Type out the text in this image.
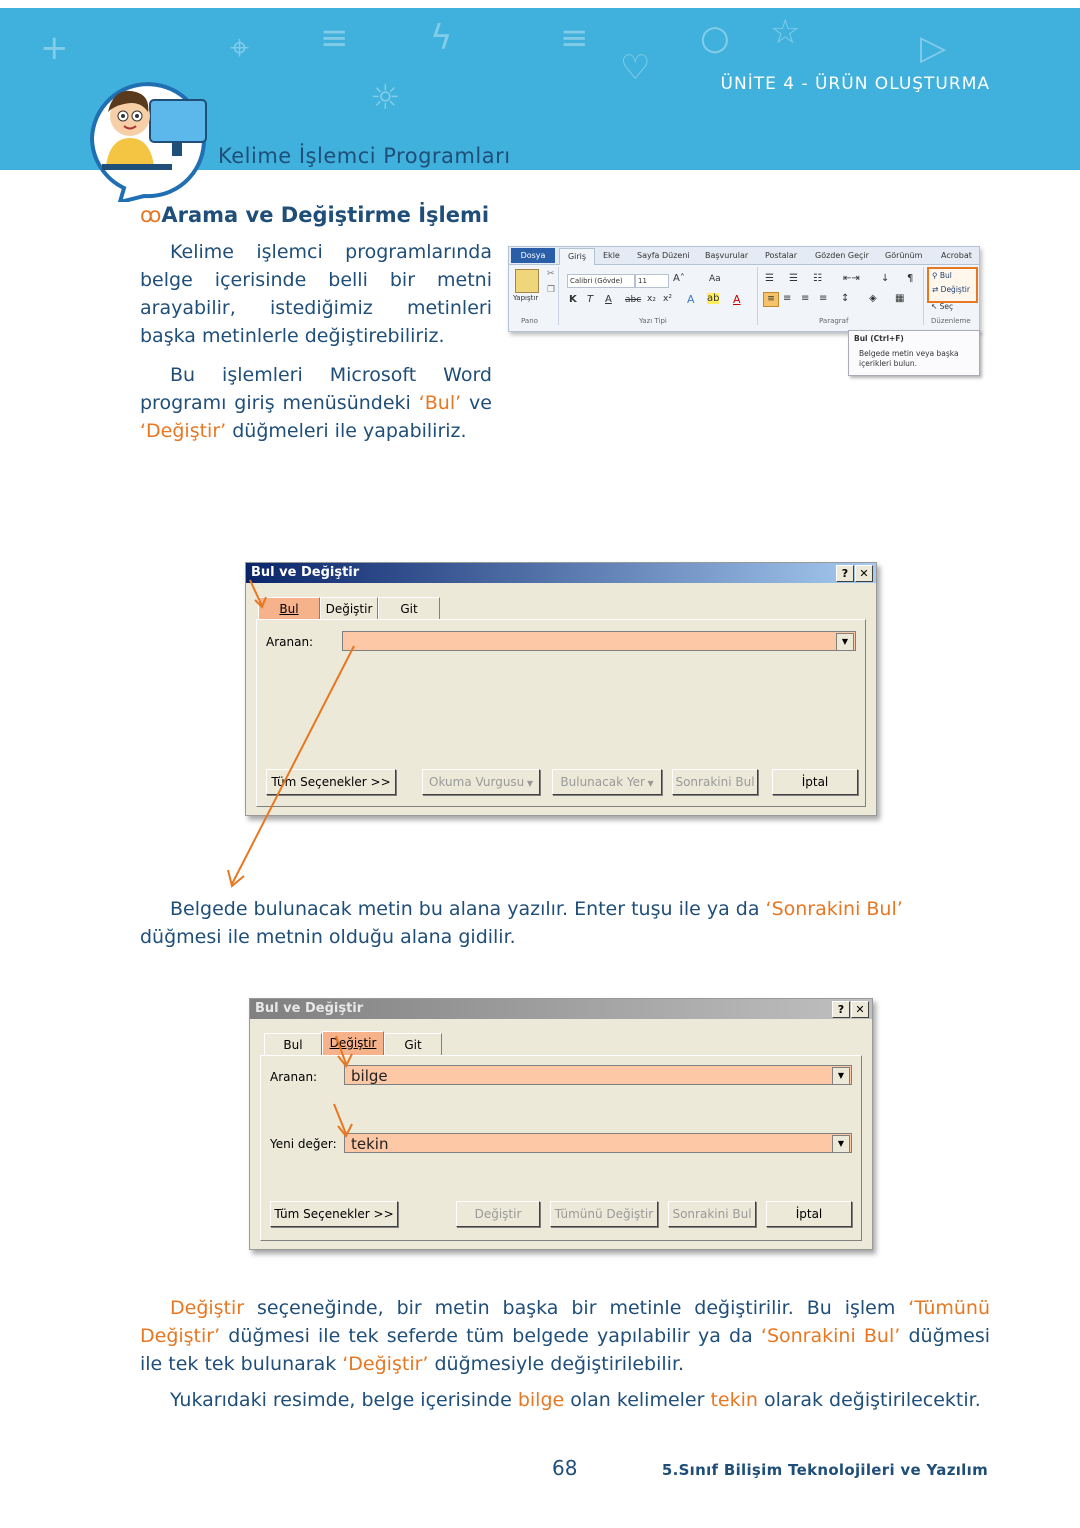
+	⌖ ≡ ϟ	≡	○ ☆	▷
☼
♡	ÜNİTE 4 - ÜRÜN OLUŞTURMA
Kelime İşlemci Programları
ꝏArama ve Değiştirme İşlemi
Kelime işlemci programlarında belge içerisinde belli bir metni arayabilir, istediğimiz metinleri başka metinlerle değiştirebiliriz.
Bu işlemleri Microsoft Word programı giriş menüsündeki ‘Bul’ ve ‘Değiştir’ düğmeleri ile yapabiliriz.
Dosya	Giriş	Ekle Sayfa Düzeni Başvurular Postalar Gözden Geçir Görünüm Acrobat
Yapıştır
✂
❐
Calibri (Gövde)	11	A˄	Aa
K T A abc x₂ x² A ab A
☰ ☰ ☷ ⇤⇥ ↓ ¶
≡ ≡ ≡ ≡ ↕ ◈ ▦
Pano	Yazı Tipi	Paragraf	Düzenleme
⚲ Bul
⇄ Değiştir
↖ Seç
Bul (Ctrl+F)
Belgede metin veya başka içerikleri bulun.
Bul ve Değiştir	?	✕
Bul	Değiştir	Git
Aranan:	▼
Tüm Seçenekler >>	Okuma Vurgusu ▼	Bulunacak Yer ▼	Sonrakini Bul	İptal
Belgede bulunacak metin bu alana yazılır. Enter tuşu ile ya da ‘Sonrakini Bul’ düğmesi ile metnin olduğu alana gidilir.
Bul ve Değiştir	?	✕
Bul	Değiştir	Git
Aranan:	bilge	▼
Yeni değer: tekin	▼
Tüm Seçenekler >>	Değiştir	Tümünü Değiştir	Sonrakini Bul	İptal
Değiştir seçeneğinde, bir metin başka bir metinle değiştirilir. Bu işlem ‘Tümünü Değiştir’ düğmesi ile tek seferde tüm belgede yapılabilir ya da ‘Sonrakini Bul’ düğmesi ile tek tek bulunarak ‘Değiştir’ düğmesiyle değiştirilebilir.
Yukarıdaki resimde, belge içerisinde bilge olan kelimeler tekin olarak değiştirilecektir.
68	5.Sınıf Bilişim Teknolojileri ve Yazılım
